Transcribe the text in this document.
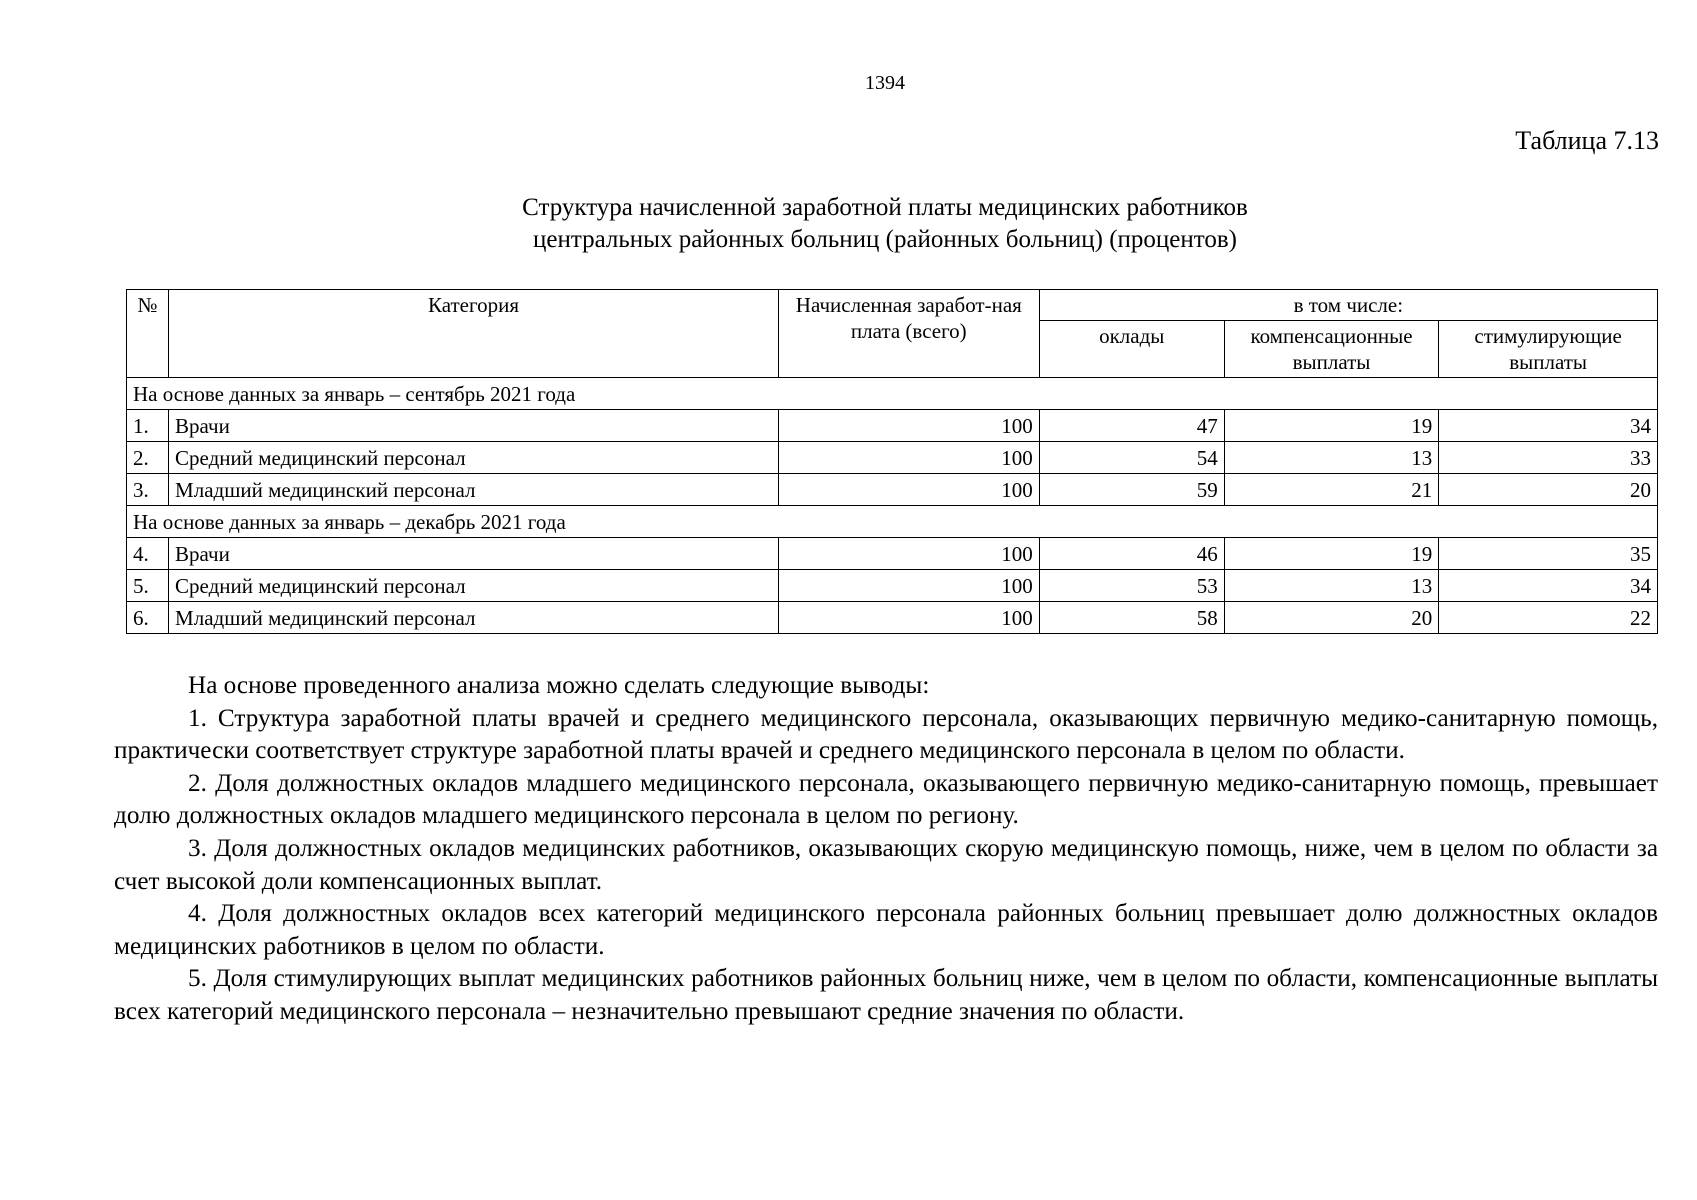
1394
Таблица 7.13
Структура начисленной заработной платы медицинских работников
центральных районных больниц (районных больниц) (процентов)
№	Категория	Начисленная заработ-ная плата (всего)	в том числе:		
			оклады	компенсационные выплаты	стимулирующие выплаты
На основе данных за январь – сентябрь 2021 года					
1.	Врачи	100	47	19	34
2.	Средний медицинский персонал	100	54	13	33
3.	Младший медицинский персонал	100	59	21	20
На основе данных за январь – декабрь 2021 года					
4.	Врачи	100	46	19	35
5.	Средний медицинский персонал	100	53	13	34
6.	Младший медицинский персонал	100	58	20	22

На основе проведенного анализа можно сделать следующие выводы:

1. Структура заработной платы врачей и среднего медицинского персонала, оказывающих первичную медико-санитарную помощь, практически соответствует структуре заработной платы врачей и среднего медицинского персонала в целом по области.

2. Доля должностных окладов младшего медицинского персонала, оказывающего первичную медико-санитарную помощь, превышает долю должностных окладов младшего медицинского персонала в целом по региону.

3. Доля должностных окладов медицинских работников, оказывающих скорую медицинскую помощь, ниже, чем в целом по области за счет высокой доли компенсационных выплат.

4. Доля должностных окладов всех категорий медицинского персонала районных больниц превышает долю должностных окладов медицинских работников в целом по области.

5. Доля стимулирующих выплат медицинских работников районных больниц ниже, чем в целом по области, компенсационные выплаты всех категорий медицинского персонала – незначительно превышают средние значения по области.
